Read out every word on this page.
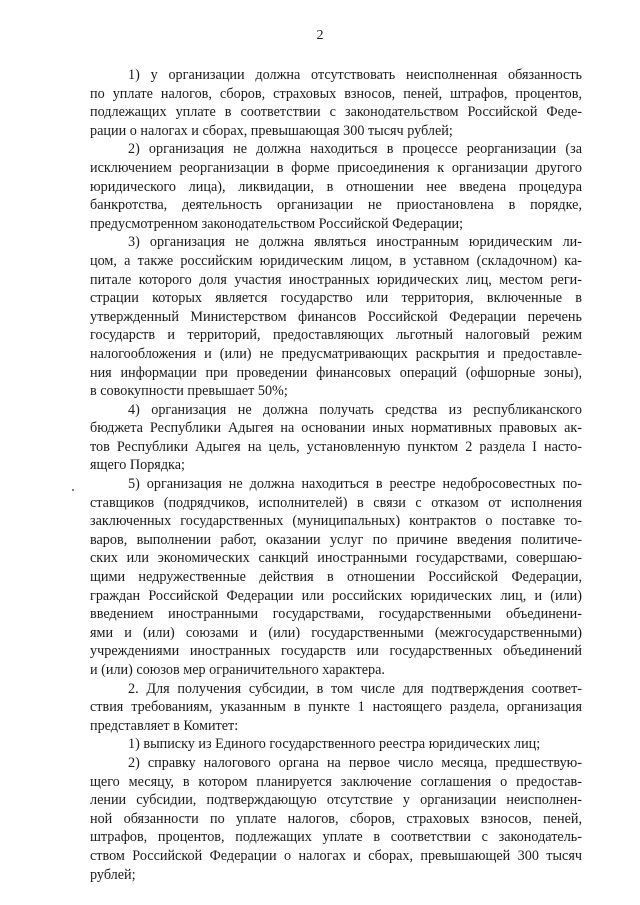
2
1) у организации должна отсутствовать неисполненная обязанность
по уплате налогов, сборов, страховых взносов, пеней, штрафов, процентов,
подлежащих уплате в соответствии с законодательством Российской Феде-
рации о налогах и сборах, превышающая 300 тысяч рублей;
2) организация не должна находиться в процессе реорганизации (за
исключением реорганизации в форме присоединения к организации другого
юридического лица), ликвидации, в отношении нее введена процедура
банкротства, деятельность организации не приостановлена в порядке,
предусмотренном законодательством Российской Федерации;
3) организация не должна являться иностранным юридическим ли-
цом, а также российским юридическим лицом, в уставном (складочном) ка-
питале которого доля участия иностранных юридических лиц, местом реги-
страции которых является государство или территория, включенные в
утвержденный Министерством финансов Российской Федерации перечень
государств и территорий, предоставляющих льготный налоговый режим
налогообложения и (или) не предусматривающих раскрытия и предоставле-
ния информации при проведении финансовых операций (офшорные зоны),
в совокупности превышает 50%;
4) организация не должна получать средства из республиканского
бюджета Республики Адыгея на основании иных нормативных правовых ак-
тов Республики Адыгея на цель, установленную пунктом 2 раздела I насто-
ящего Порядка;
5) организация не должна находиться в реестре недобросовестных по-
ставщиков (подрядчиков, исполнителей) в связи с отказом от исполнения
заключенных государственных (муниципальных) контрактов о поставке то-
варов, выполнении работ, оказании услуг по причине введения политиче-
ских или экономических санкций иностранными государствами, совершаю-
щими недружественные действия в отношении Российской Федерации,
граждан Российской Федерации или российских юридических лиц, и (или)
введением иностранными государствами, государственными объединени-
ями и (или) союзами и (или) государственными (межгосударственными)
учреждениями иностранных государств или государственных объединений
и (или) союзов мер ограничительного характера.
2. Для получения субсидии, в том числе для подтверждения соответ-
ствия требованиям, указанным в пункте 1 настоящего раздела, организация
представляет в Комитет:
1) выписку из Единого государственного реестра юридических лиц;
2) справку налогового органа на первое число месяца, предшествую-
щего месяцу, в котором планируется заключение соглашения о предостав-
лении субсидии, подтверждающую отсутствие у организации неисполнен-
ной обязанности по уплате налогов, сборов, страховых взносов, пеней,
штрафов, процентов, подлежащих уплате в соответствии с законодатель-
ством Российской Федерации о налогах и сборах, превышающей 300 тысяч
рублей;
